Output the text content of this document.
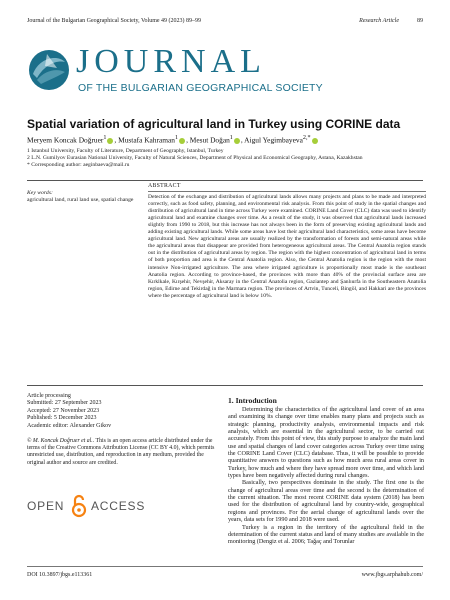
Journal of the Bulgarian Geographical Society, Volume 49 (2023) 89–99	Research Article	89
JOURNAL
OF THE BULGARIAN GEOGRAPHICAL SOCIETY
Spatial variation of agricultural land in Turkey using CORINE data
Meryem Koncak Doğruer$^1$ , Mustafa Kahraman$^1$ , Mesut Doğan$^1$ , Aigul Yegimbayeva$^{2,*}$
1 Istanbul University, Faculty of Literature, Department of Geography, Istanbul, Turkey
2 L.N. Gumilyov Eurasian National University, Faculty of Natural Sciences, Department of Physical and Economical Geography, Astana, Kazakhstan
* Corresponding author: aeginbaeva@mail.ru
Key words:
agricultural land, rural land use, spatial change
ABSTRACT
Detection of the exchange and distribution of agricultural lands allows many projects and plans to be made and interpreted correctly, such as food safety, planning, and environmental risk analysis. From this point of study in the spatial changes and distribution of agricultural land in time across Turkey were examined. CORINE Land Cover (CLC) data was used to identify agricultural land and examine changes over time. As a result of the study, it was observed that agricultural lands increased slightly from 1990 to 2018, but this increase has not always been in the form of preserving existing agricultural lands and adding existing agricultural lands. While some areas have lost their agricultural land characteristics, some areas have become agricultural land. New agricultural areas are usually realized by the transformation of forests and semi-natural areas while the agricultural areas that disappear are provided from heterogeneous agricultural areas. The Central Anatolia region stands out in the distribution of agricultural areas by region. The region with the highest concentration of agricultural land in terms of both proportion and area is the Central Anatolia region. Also, the Central Anatolia region is the region with the most intensive Non-irrigated agriculture. The area where irrigated agriculture is proportionally most made is the southeast Anatolia region. According to province-based, the provinces with more than 40% of the provincial surface area are Kırklkale, Kırşehir, Nevşehir, Aksaray in the Central Anatolia region, Gaziantep and Şanlıurfa in the Southeastern Anatolia region, Edirne and Tekirdağ in the Marmara region. The provinces of Artvin, Tunceli, Bingöl, and Hakkari are the provinces where the percentage of agricultural land is below 10%.
Article processing
Submitted: 27 September 2023
Accepted: 27 November 2023
Published: 5 December 2023
Academic editor: Alexander Gikov
© M. Koncak Doğruer et al.. This is an open access article distributed under the terms of the Creative Commons Attribution License (CC BY 4.0), which permits unrestricted use, distribution, and reproduction in any medium, provided the original author and source are credited.
OPEN ACCESS
1. Introduction

Determining the characteristics of the agricultural land cover of an area and examining its change over time enables many plans and projects such as strategic planning, productivity analysis, environmental impacts and risk analysis, which are essential in the agricultural sector, to be carried out accurately. From this point of view, this study purpose to analyze the main land use and spatial changes of land cover categories across Turkey over time using the CORINE Land Cover (CLC) database. Thus, it will be possible to provide quantitative answers to questions such as how much area rural areas cover in Turkey, how much and where they have spread more over time, and which land types have been negatively affected during rural changes.

Basically, two perspectives dominate in the study. The first one is the change of agricultural areas over time and the second is the determination of the current situation. The most recent CORINE data system (2018) has been used for the distribution of agricultural land by country-wide, geographical regions and provinces. For the aerial change of agricultural lands over the years, data sets for 1990 and 2018 were used.

Turkey is a region in the territory of the agricultural field in the determination of the current status and land of many studies are available in the monitoring (Dengiz et al. 2006; Tağaç and Torunlar

DOI 10.3897/jbgs.e113361	www.jbgs.arphahub.com/
